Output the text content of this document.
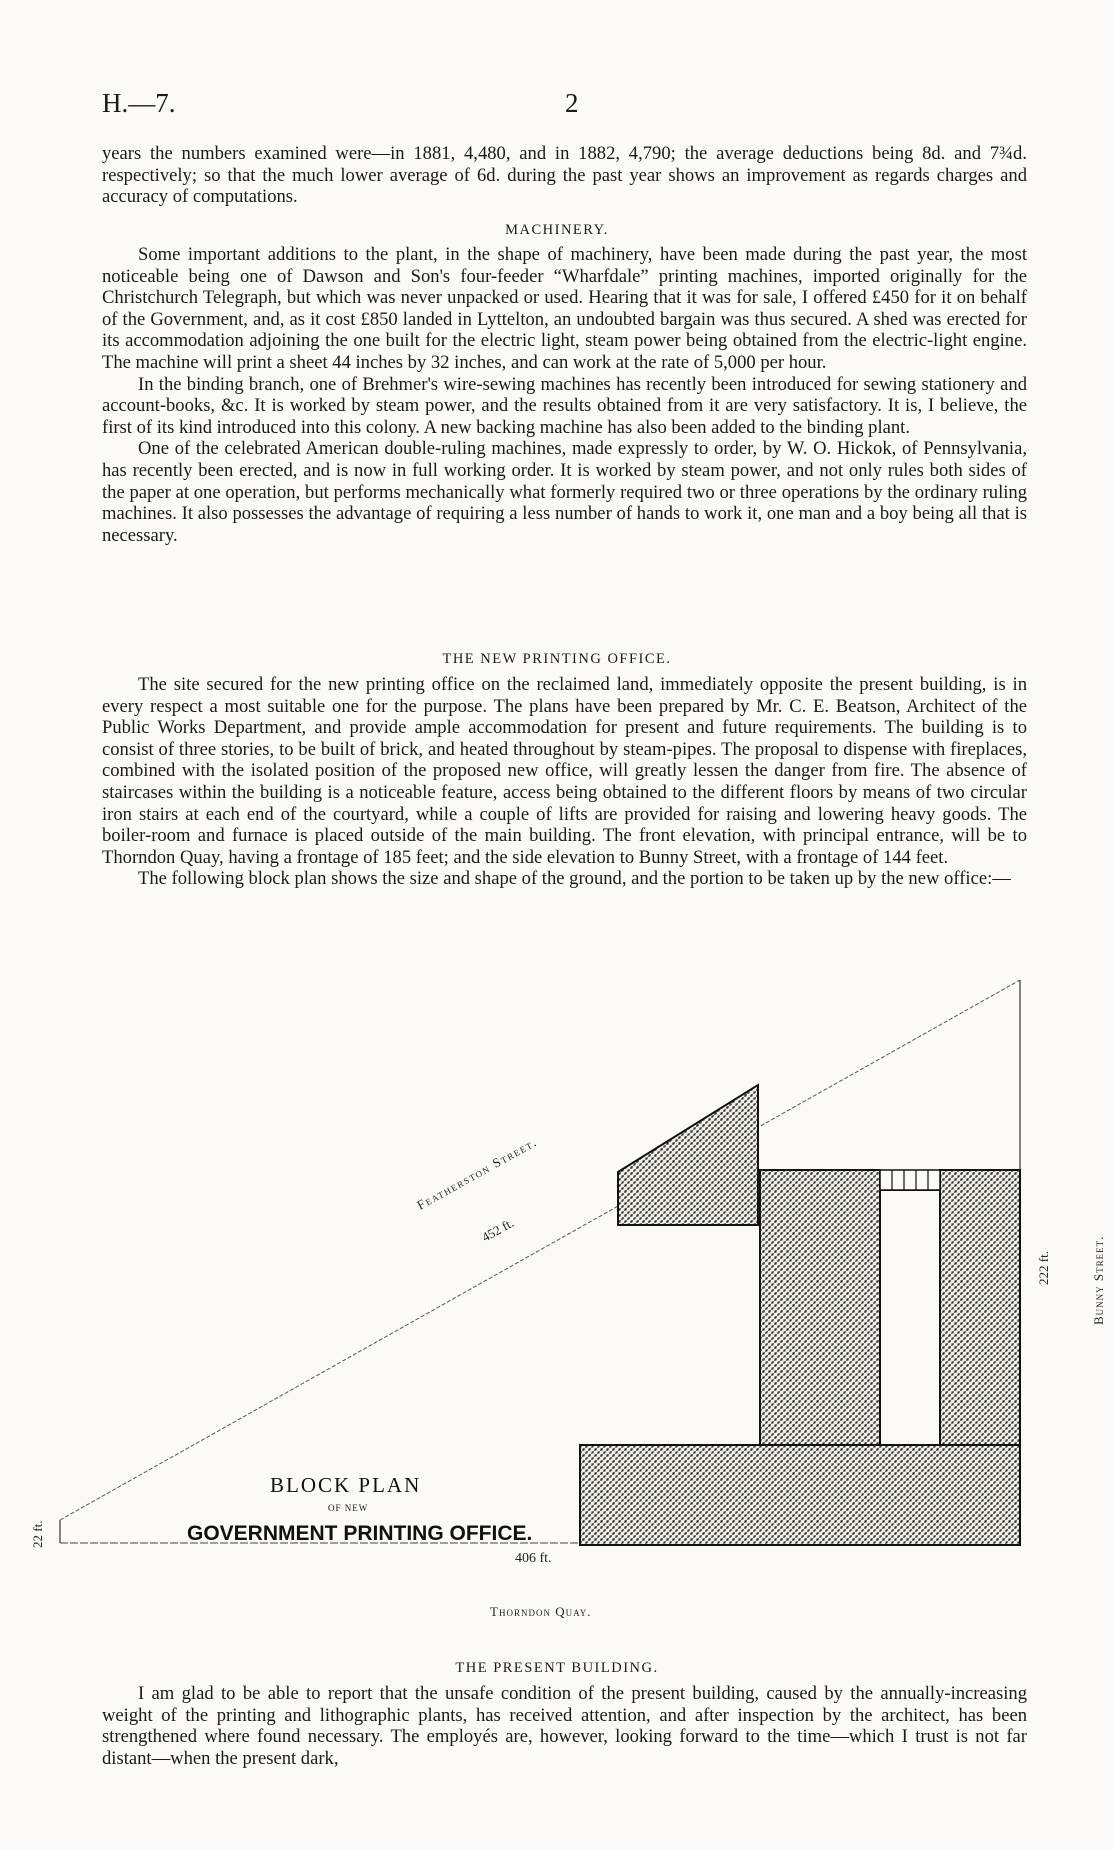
H.—7.	2

years the numbers examined were—in 1881, 4,480, and in 1882, 4,790; the average deductions being 8d. and 7¾d. respectively; so that the much lower average of 6d. during the past year shows an improvement as regards charges and accuracy of computations.

MACHINERY.

Some important additions to the plant, in the shape of machinery, have been made during the past year, the most noticeable being one of Dawson and Son's four-feeder “Wharfdale” printing machines, imported originally for the Christchurch Telegraph, but which was never unpacked or used. Hearing that it was for sale, I offered £450 for it on behalf of the Government, and, as it cost £850 landed in Lyttelton, an undoubted bargain was thus secured. A shed was erected for its accommodation adjoining the one built for the electric light, steam power being obtained from the electric-light engine. The machine will print a sheet 44 inches by 32 inches, and can work at the rate of 5,000 per hour.

In the binding branch, one of Brehmer's wire-sewing machines has recently been introduced for sewing stationery and account-books, &c. It is worked by steam power, and the results obtained from it are very satisfactory. It is, I believe, the first of its kind introduced into this colony. A new backing machine has also been added to the binding plant.

One of the celebrated American double-ruling machines, made expressly to order, by W. O. Hickok, of Pennsylvania, has recently been erected, and is now in full working order. It is worked by steam power, and not only rules both sides of the paper at one operation, but performs mechanically what formerly required two or three operations by the ordinary ruling machines. It also possesses the advantage of requiring a less number of hands to work it, one man and a boy being all that is necessary.

THE NEW PRINTING OFFICE.

The site secured for the new printing office on the reclaimed land, immediately opposite the present building, is in every respect a most suitable one for the purpose. The plans have been prepared by Mr. C. E. Beatson, Architect of the Public Works Department, and provide ample accommodation for present and future requirements. The building is to consist of three stories, to be built of brick, and heated throughout by steam-pipes. The proposal to dispense with fireplaces, combined with the isolated position of the proposed new office, will greatly lessen the danger from fire. The absence of staircases within the building is a noticeable feature, access being obtained to the different floors by means of two circular iron stairs at each end of the courtyard, while a couple of lifts are provided for raising and lowering heavy goods. The boiler-room and furnace is placed outside of the main building. The front elevation, with principal entrance, will be to Thorndon Quay, having a frontage of 185 feet; and the side elevation to Bunny Street, with a frontage of 144 feet.

The following block plan shows the size and shape of the ground, and the portion to be taken up by the new office:—

Featherston Street.
452 ft.
222 ft.	Bunny Street.
22 ft.
406 ft.
BLOCK PLAN
OF NEW
GOVERNMENT PRINTING OFFICE.
Thorndon Quay.
THE PRESENT BUILDING.

I am glad to be able to report that the unsafe condition of the present building, caused by the annually-increasing weight of the printing and lithographic plants, has received attention, and after inspection by the architect, has been strengthened where found necessary. The employés are, however, looking forward to the time—which I trust is not far distant—when the present dark,
